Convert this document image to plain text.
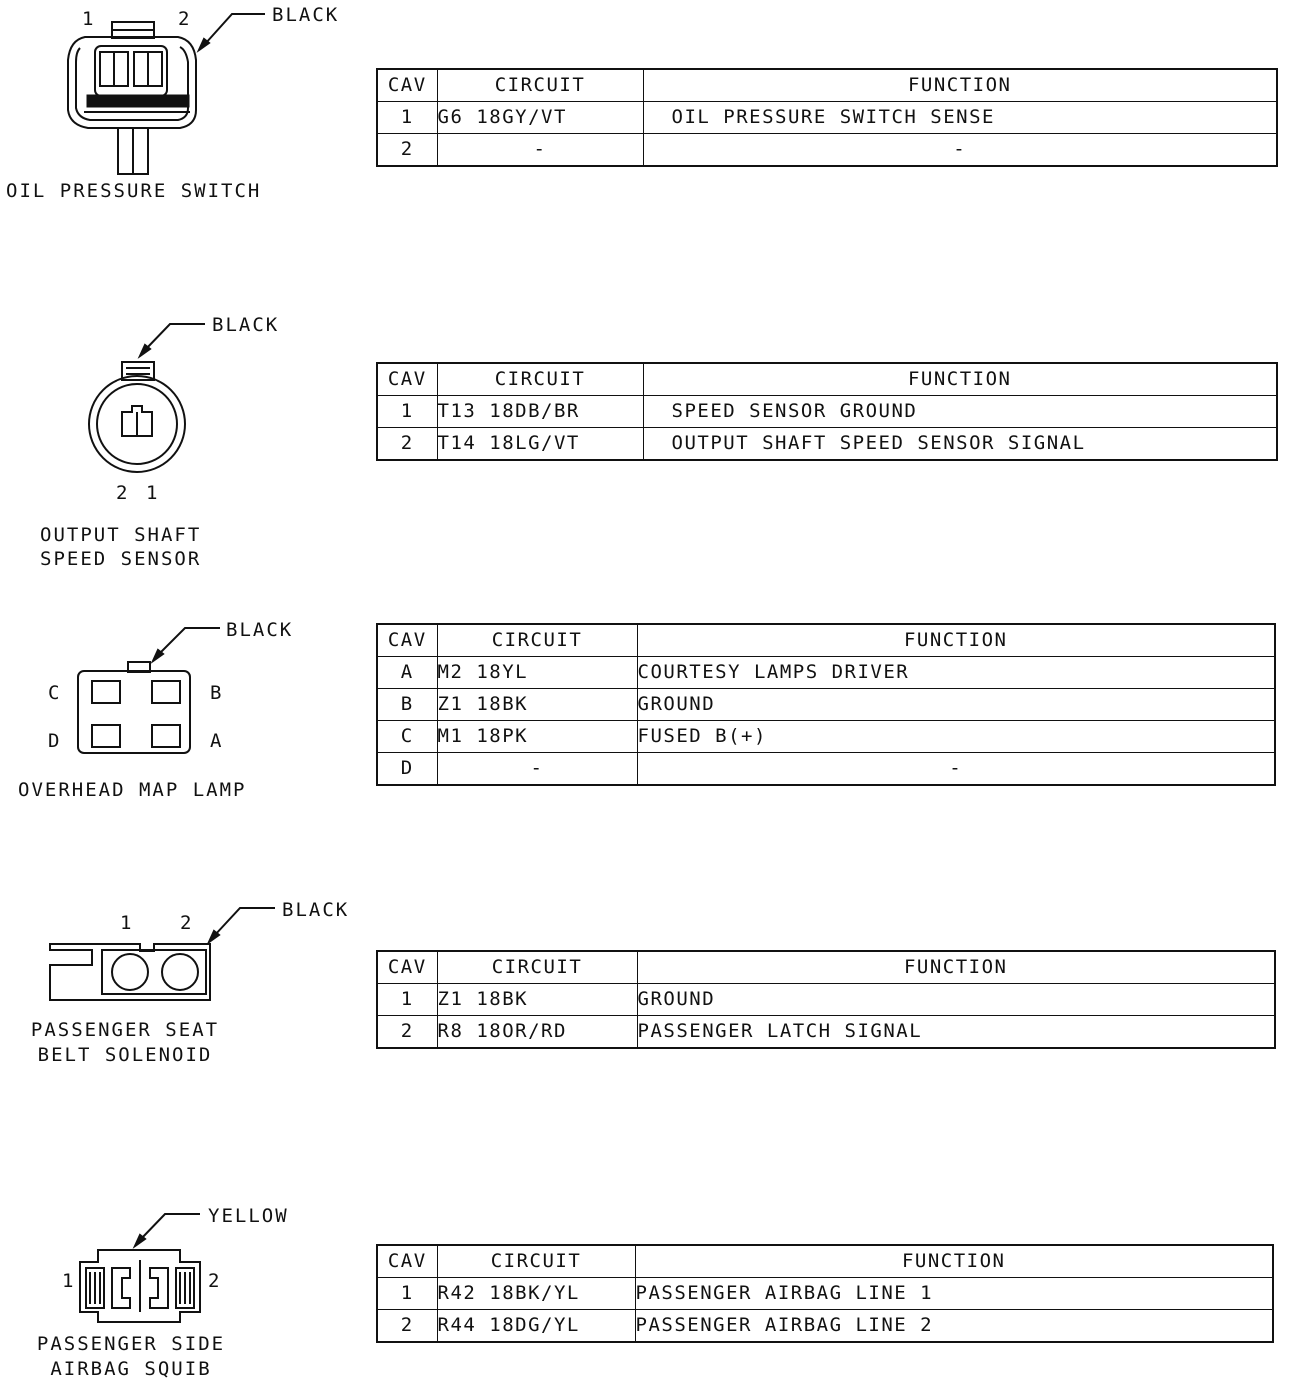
1	2	BLACK
OIL PRESSURE SWITCH
CAV	CIRCUIT	FUNCTION
1	G6 18GY/VT	OIL PRESSURE SWITCH SENSE
2	-	-
BLACK
2 1
OUTPUT SHAFT
SPEED SENSOR
CAV	CIRCUIT	FUNCTION
1	T13 18DB/BR	SPEED SENSOR GROUND
2	T14 18LG/VT	OUTPUT SHAFT SPEED SENSOR SIGNAL
BLACK
C	B
D	A
OVERHEAD MAP LAMP
CAV	CIRCUIT	FUNCTION
A	M2 18YL	COURTESY LAMPS DRIVER
B	Z1 18BK	GROUND
C	M1 18PK	FUSED B(+)
D	-	-
1 2
BLACK
PASSENGER SEAT
BELT SOLENOID
CAV	CIRCUIT	FUNCTION
1	Z1 18BK	GROUND
2	R8 18OR/RD	PASSENGER LATCH SIGNAL
YELLOW
1	2
PASSENGER SIDE
AIRBAG SQUIB
CAV	CIRCUIT	FUNCTION
1	R42 18BK/YL	PASSENGER AIRBAG LINE 1
2	R44 18DG/YL	PASSENGER AIRBAG LINE 2
